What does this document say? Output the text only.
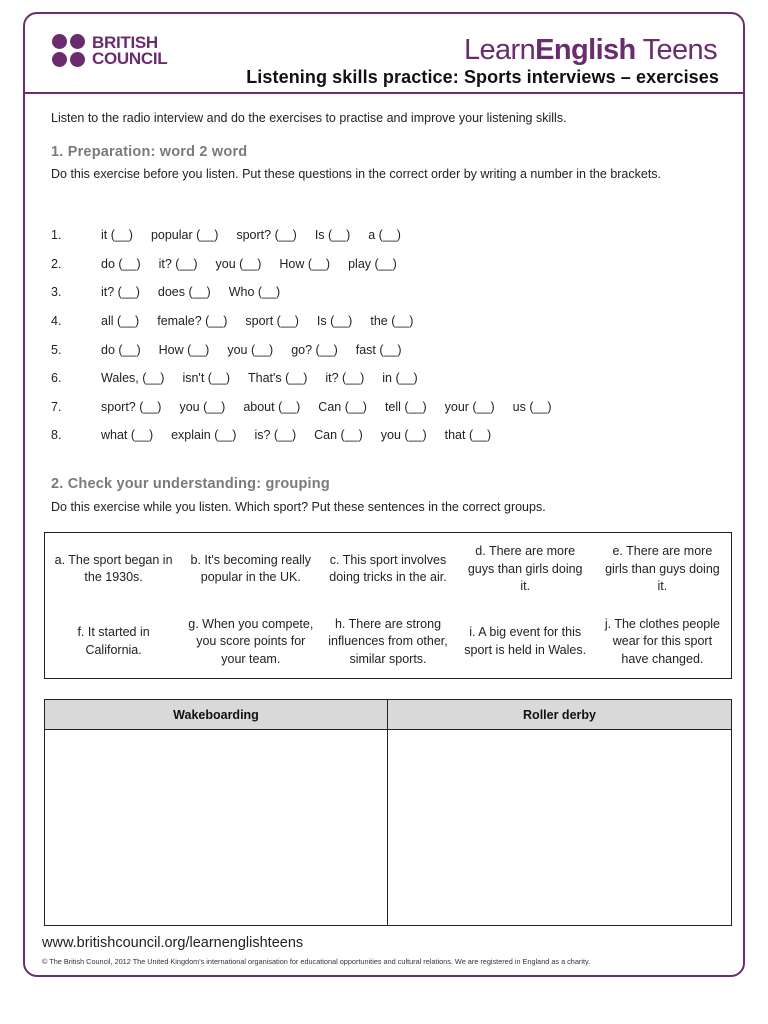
BRITISH
COUNCIL	LearnEnglish Teens
Listening skills practice: Sports interviews – exercises
Listen to the radio interview and do the exercises to practise and improve your listening skills.
1. Preparation: word 2 word
Do this exercise before you listen. Put these questions in the correct order by writing a number in the brackets.
1.	it (__) popular (__) sport? (__) Is (__) a (__)
2.	do (__) it? (__) you (__) How (__) play (__)
3.	it? (__) does (__) Who (__)
4.	all (__) female? (__) sport (__) Is (__) the (__)
5.	do (__) How (__) you (__) go? (__) fast (__)
6.	Wales, (__) isn't (__) That's (__) it? (__) in (__)
7.	sport? (__) you (__) about (__) Can (__) tell (__) your (__) us (__)
8.	what (__) explain (__) is? (__) Can (__) you (__) that (__)
2. Check your understanding: grouping
Do this exercise while you listen. Which sport? Put these sentences in the correct groups.
a. The sport began in the 1930s.
b. It's becoming really popular in the UK.
c. This sport involves doing tricks in the air.
d. There are more guys than girls doing it.
e. There are more girls than guys doing it.
f. It started in California.
g. When you compete, you score points for your team.
h. There are strong influences from other, similar sports.
i. A big event for this sport is held in Wales.
j. The clothes people wear for this sport have changed.
Wakeboarding	Roller derby
www.britishcouncil.org/learnenglishteens
© The British Council, 2012 The United Kingdom's international organisation for educational opportunities and cultural relations. We are registered in England as a charity.
